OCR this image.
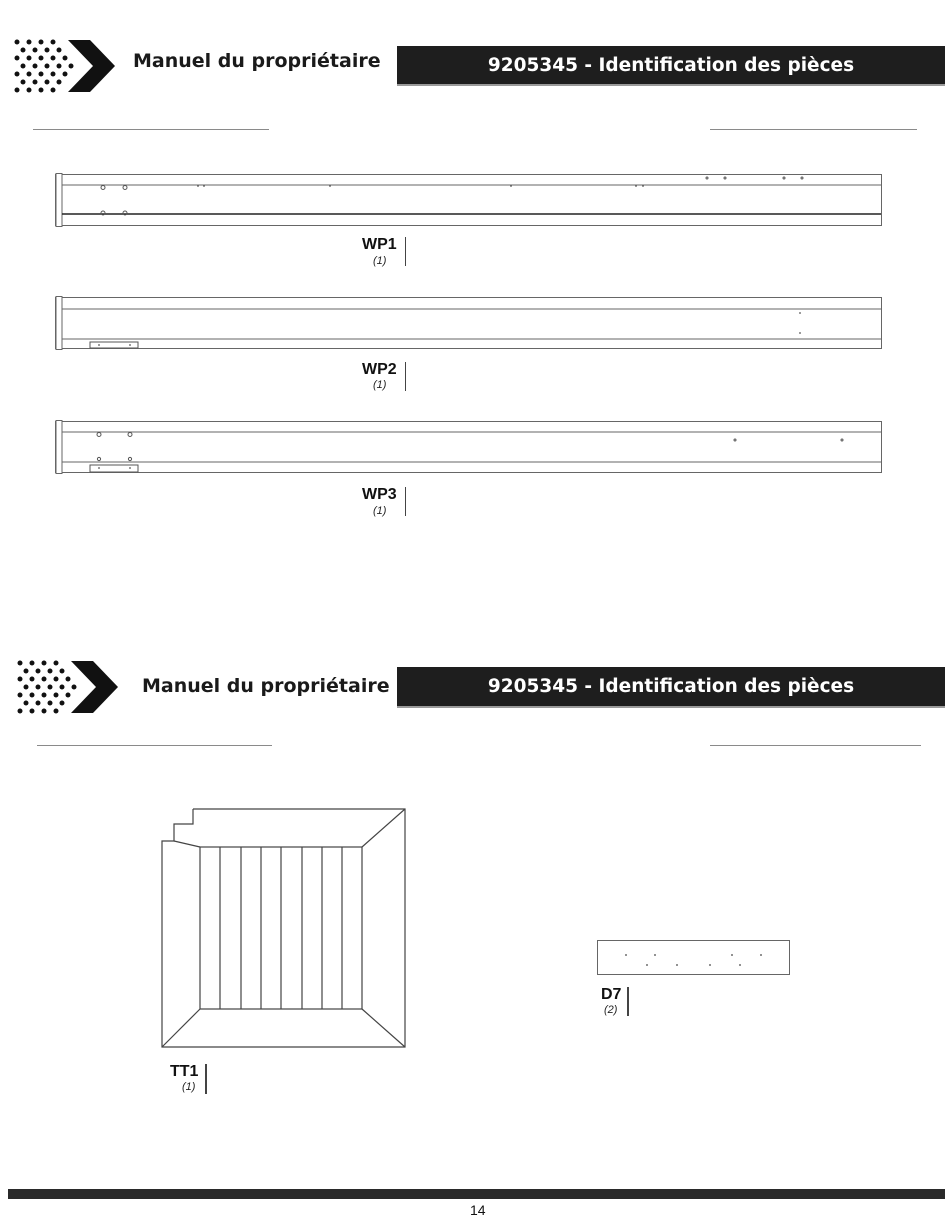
Manuel du propriétaire	9205345 - Identification des pièces
WP1
(1)
WP2
(1)
WP3
(1)
Manuel du propriétaire	9205345 - Identification des pièces
TT1
(1)
D7
(2)
14
